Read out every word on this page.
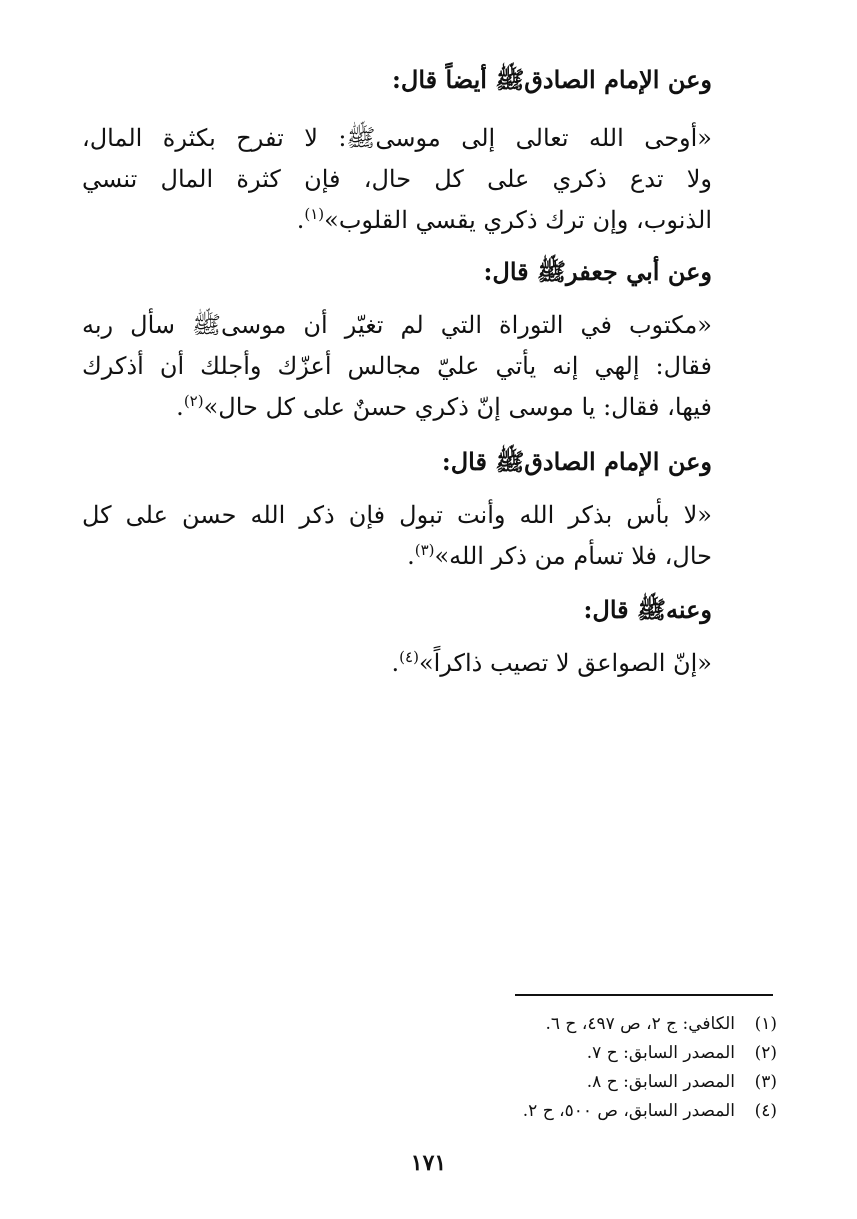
وعن الإمام الصادقﷺ أيضاً قال:
«أوحى الله تعالى إلى موسىﷺ: لا تفرح بكثرة المال،
ولا تدع ذكري على كل حال، فإن كثرة المال تنسي
الذنوب، وإن ترك ذكري يقسي القلوب»$^{(١)}$.
وعن أبي جعفرﷺ قال:
«مكتوب في التوراة التي لم تغيّر أن موسىﷺ سأل ربه
فقال: إلهي إنه يأتي عليّ مجالس أعزّك وأجلك أن أذكرك
فيها، فقال: يا موسى إنّ ذكري حسنٌ على كل حال»$^{(٢)}$.
وعن الإمام الصادقﷺ قال:
«لا بأس بذكر الله وأنت تبول فإن ذكر الله حسن على كل
حال، فلا تسأم من ذكر الله»$^{(٣)}$.
وعنهﷺ قال:
«إنّ الصواعق لا تصيب ذاكراً»$^{(٤)}$.
(١)
الكافي: ج ٢، ص ٤٩٧، ح ٦.
(٢)
المصدر السابق: ح ٧.
(٣)
المصدر السابق: ح ٨.
(٤)
المصدر السابق، ص ٥٠٠، ح ٢.
١٧١
